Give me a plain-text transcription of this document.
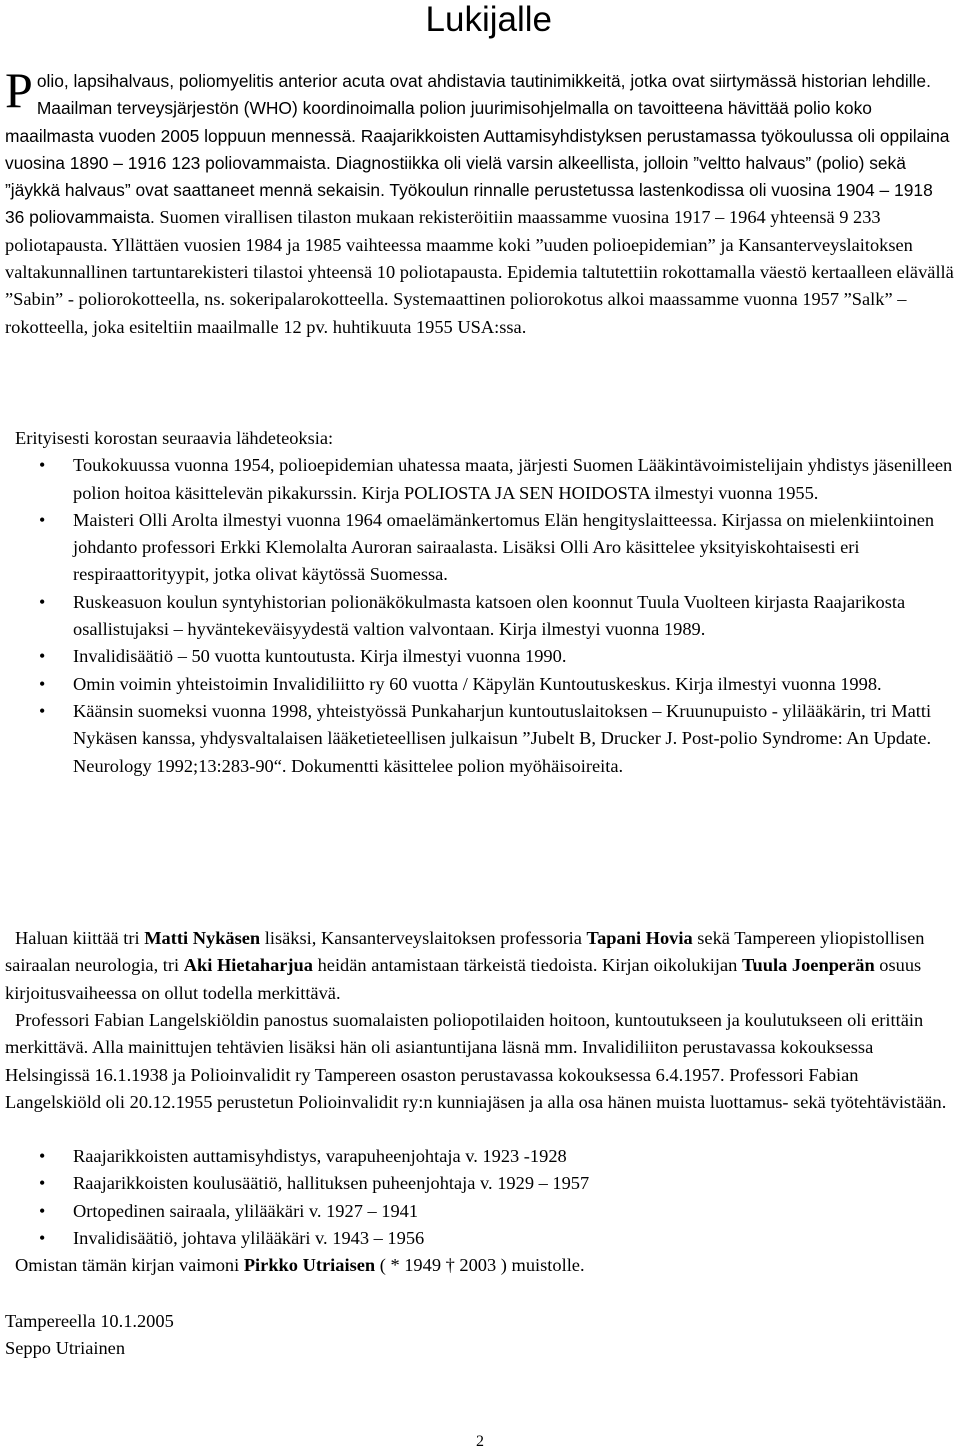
Lukijalle
P olio, lapsihalvaus, poliomyelitis anterior acuta ovat ahdistavia tautinimikkeitä, jotka ovat siirtymässä historian lehdille. Maailman terveysjärjestön (WHO) koordinoimalla polion juurimisohjelmalla on tavoitteena hävittää polio koko maailmasta vuoden 2005 loppuun mennessä. Raajarikkoisten Auttamisyhdistyksen perustamassa työkoulussa oli oppilaina vuosina 1890 – 1916 123 poliovammaista. Diagnostiikka oli vielä varsin alkeellista, jolloin ”veltto halvaus” (polio) sekä ”jäykkä halvaus” ovat saattaneet mennä sekaisin. Työkoulun rinnalle perustetussa lastenkodissa oli vuosina 1904 – 1918 36 poliovammaista. Suomen virallisen tilaston mukaan rekisteröitiin maassamme vuosina 1917 – 1964 yhteensä 9 233 poliotapausta. Yllättäen vuosien 1984 ja 1985 vaihteessa maamme koki ”uuden polioepidemian” ja Kansanterveyslaitoksen valtakunnallinen tartuntarekisteri tilastoi yhteensä 10 poliotapausta. Epidemia taltutettiin rokottamalla väestö kertaalleen elävällä ”Sabin” - poliorokotteella, ns. sokeripalarokotteella. Systemaattinen poliorokotus alkoi maassamme vuonna 1957 ”Salk” – rokotteella, joka esiteltiin maailmalle 12 pv. huhtikuuta 1955 USA:ssa.
Erityisesti korostan seuraavia lähdeteoksia:
• Toukokuussa vuonna 1954, polioepidemian uhatessa maata, järjesti Suomen Lääkintävoimistelijain yhdistys jäsenilleen polion hoitoa käsittelevän pikakurssin. Kirja POLIOSTA JA SEN HOIDOSTA ilmestyi vuonna 1955.
• Maisteri Olli Arolta ilmestyi vuonna 1964 omaelämänkertomus Elän hengityslaitteessa. Kirjassa on mielenkiintoinen johdanto professori Erkki Klemolalta Auroran sairaalasta. Lisäksi Olli Aro käsittelee yksityiskohtaisesti eri respiraattorityypit, jotka olivat käytössä Suomessa.
• Ruskeasuon koulun syntyhistorian polionäkökulmasta katsoen olen koonnut Tuula Vuolteen kirjasta Raajarikosta osallistujaksi – hyväntekeväisyydestä valtion valvontaan. Kirja ilmestyi vuonna 1989.
• Invalidisäätiö – 50 vuotta kuntoutusta. Kirja ilmestyi vuonna 1990.
• Omin voimin yhteistoimin Invalidiliitto ry 60 vuotta / Käpylän Kuntoutuskeskus. Kirja ilmestyi vuonna 1998.
• Käänsin suomeksi vuonna 1998, yhteistyössä Punkaharjun kuntoutuslaitoksen – Kruunupuisto - ylilääkärin, tri Matti Nykäsen kanssa, yhdysvaltalaisen lääketieteellisen julkaisun ”Jubelt B, Drucker J. Post-polio Syndrome: An Update. Neurology 1992;13:283-90“. Dokumentti käsittelee polion myöhäisoireita.
Haluan kiittää tri Matti Nykäsen lisäksi, Kansanterveyslaitoksen professoria Tapani Hovia sekä Tampereen yliopistollisen sairaalan neurologia, tri Aki Hietaharjua heidän antamistaan tärkeistä tiedoista. Kirjan oikolukijan Tuula Joenperän osuus kirjoitusvaiheessa on ollut todella merkittävä.
Professori Fabian Langelskiöldin panostus suomalaisten poliopotilaiden hoitoon, kuntoutukseen ja koulutukseen oli erittäin merkittävä. Alla mainittujen tehtävien lisäksi hän oli asiantuntijana läsnä mm. Invalidiliiton perustavassa kokouksessa Helsingissä 16.1.1938 ja Polioinvalidit ry Tampereen osaston perustavassa kokouksessa 6.4.1957. Professori Fabian Langelskiöld oli 20.12.1955 perustetun Polioinvalidit ry:n kunniajäsen ja alla osa hänen muista luottamus- sekä työtehtävistään.
• Raajarikkoisten auttamisyhdistys, varapuheenjohtaja v. 1923 -1928
• Raajarikkoisten koulusäätiö, hallituksen puheenjohtaja v. 1929 – 1957
• Ortopedinen sairaala, ylilääkäri v. 1927 – 1941
• Invalidisäätiö, johtava ylilääkäri v. 1943 – 1956
Omistan tämän kirjan vaimoni Pirkko Utriaisen ( * 1949 † 2003 ) muistolle.
Tampereella 10.1.2005
Seppo Utriainen
2
